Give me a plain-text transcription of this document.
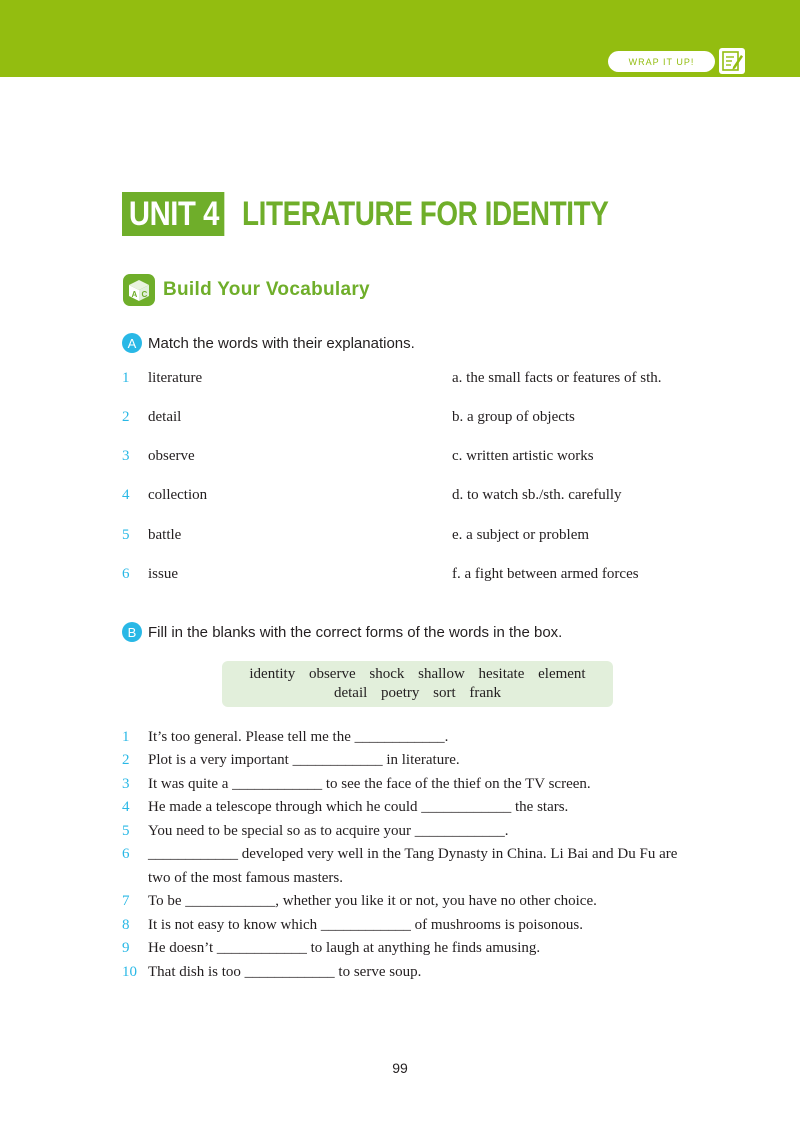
WRAP IT UP!
UNIT 4 LITERATURE FOR IDENTITY
A C Build Your Vocabulary
A Match the words with their explanations.
1 literature	a. the small facts or features of sth.
2 detail	b. a group of objects
3 observe	c. written artistic works
4 collection	d. to watch sb./sth. carefully
5 battle	e. a subject or problem
6 issue	f. a fight between armed forces
B Fill in the blanks with the correct forms of the words in the box.
identity observe shock shallow hesitate element
detail poetry sort frank
1 It’s too general. Please tell me the ____________.
2 Plot is a very important ____________ in literature.
3 It was quite a ____________ to see the face of the thief on the TV screen.
4 He made a telescope through which he could ____________ the stars.
5 You need to be special so as to acquire your ____________.
6 ____________ developed very well in the Tang Dynasty in China. Li Bai and Du Fu are
two of the most famous masters.
7 To be ____________, whether you like it or not, you have no other choice.
8 It is not easy to know which ____________ of mushrooms is poisonous.
9 He doesn’t ____________ to laugh at anything he finds amusing.
10 That dish is too ____________ to serve soup.
99
